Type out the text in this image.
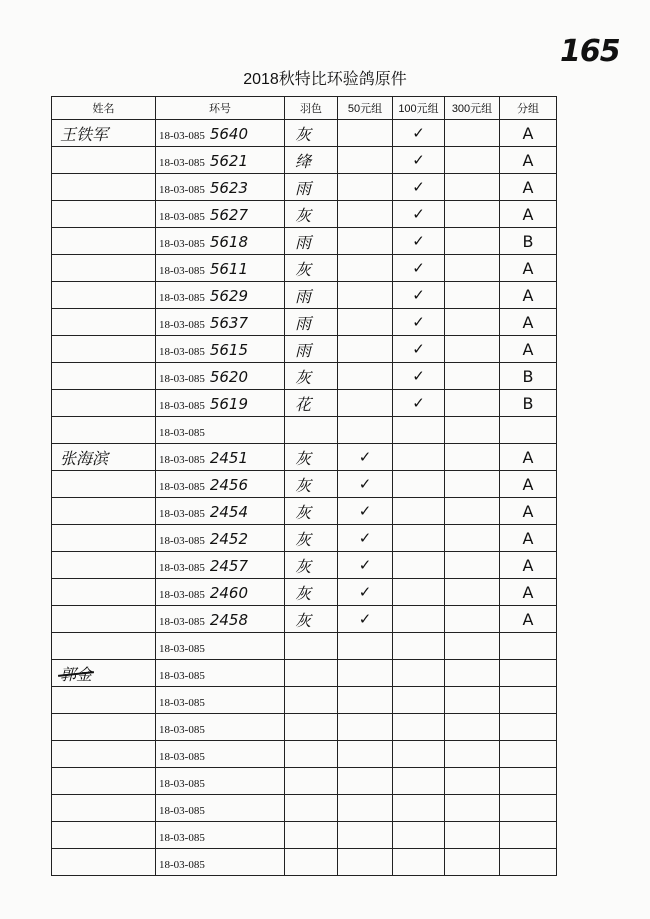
165
2018秋特比环验鸽原件
姓名	环号	羽色	50元组	100元组	300元组	分组
王铁军	18-03-085 5640	灰		✓		A
	18-03-085 5621	绛		✓		A
	18-03-085 5623	雨		✓		A
	18-03-085 5627	灰		✓		A
	18-03-085 5618	雨		✓		B
	18-03-085 5611	灰		✓		A
	18-03-085 5629	雨		✓		A
	18-03-085 5637	雨		✓		A
	18-03-085 5615	雨		✓		A
	18-03-085 5620	灰		✓		B
	18-03-085 5619	花		✓		B
	18-03-085					
张海滨	18-03-085 2451	灰	✓			A
	18-03-085 2456	灰	✓			A
	18-03-085 2454	灰	✓			A
	18-03-085 2452	灰	✓			A
	18-03-085 2457	灰	✓			A
	18-03-085 2460	灰	✓			A
	18-03-085 2458	灰	✓			A
	18-03-085					
郭金	18-03-085					
	18-03-085					
	18-03-085					
	18-03-085					
	18-03-085					
	18-03-085					
	18-03-085					
	18-03-085					
